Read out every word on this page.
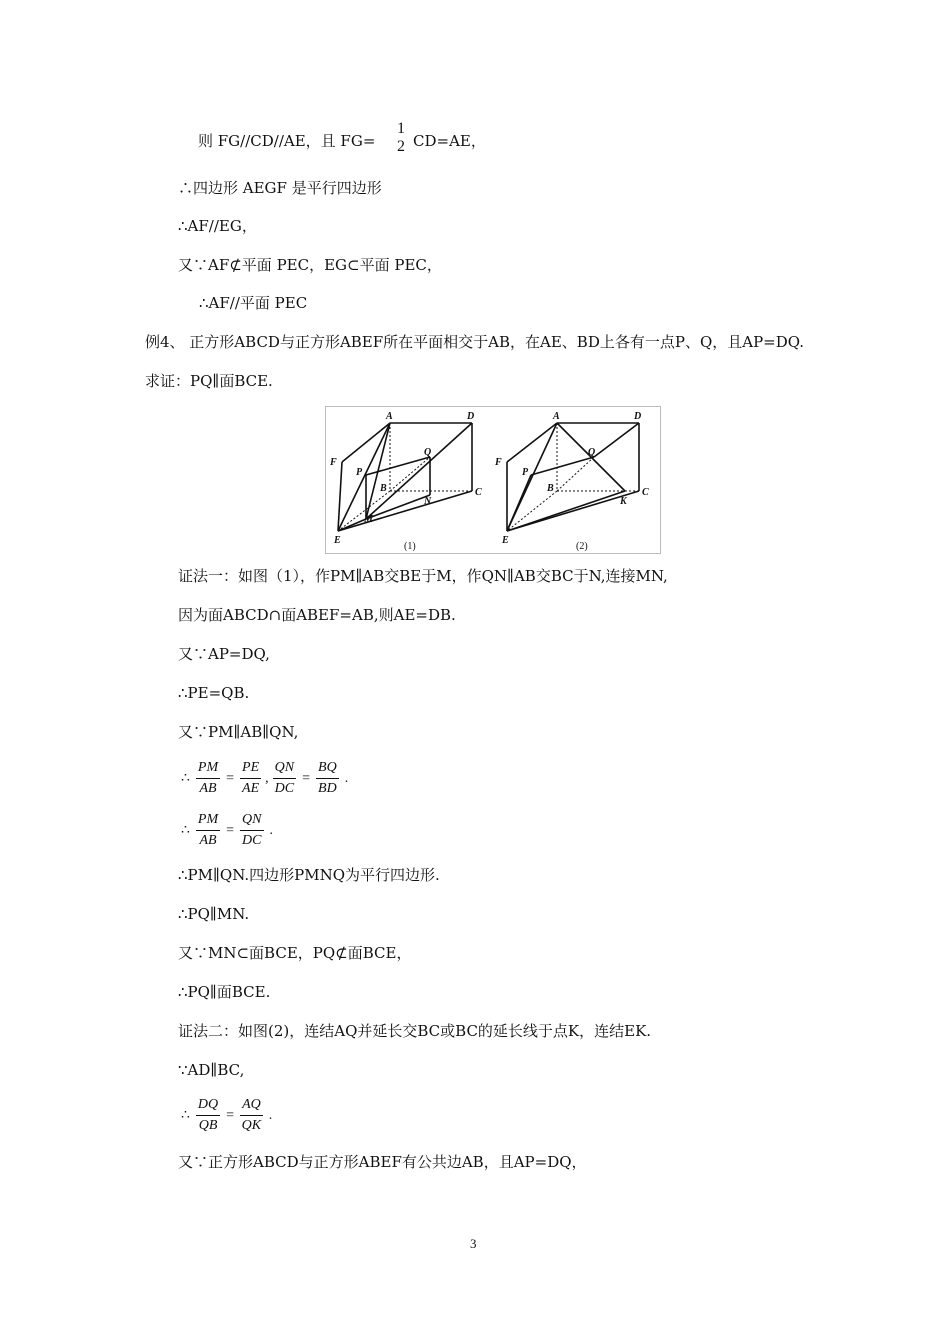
则 FG//CD//AE，且 FG=
1
2 CD=AE，
∴四边形 AEGF 是平行四边形
∴AF//EG，
又∵AF⊄平面 PEC，EG⊂平面 PEC，
∴AF//平面 PEC
例4、 正方形ABCD与正方形ABEF所在平面相交于AB，在AE、BD上各有一点P、Q，且AP=DQ.
求证：PQ∥面BCE.
A	D
F
P
Q
B
N
C
M
E
(1)
A	D
F
P
Q
B
K
C
E
(2)
证法一：如图（1），作PM∥AB交BE于M，作QN∥AB交BC于N,连接MN,
因为面ABCD∩面ABEF=AB,则AE=DB.
又∵AP=DQ,
∴PE=QB.
又∵PM∥AB∥QN,
∴ $\frac{PM}{AB} = \frac{PE}{AE}$ , $\frac{QN}{DC} = \frac{BQ}{BD}$ .
∴ $\frac{PM}{AB} = \frac{QN}{DC}$ .
∴PM∥QN.四边形PMNQ为平行四边形.
∴PQ∥MN.
又∵MN⊂面BCE，PQ⊄面BCE，
∴PQ∥面BCE.
证法二：如图(2)，连结AQ并延长交BC或BC的延长线于点K，连结EK.
∵AD∥BC,
∴ $\frac{DQ}{QB} = \frac{AQ}{QK}$ .
又∵正方形ABCD与正方形ABEF有公共边AB，且AP=DQ，
3
